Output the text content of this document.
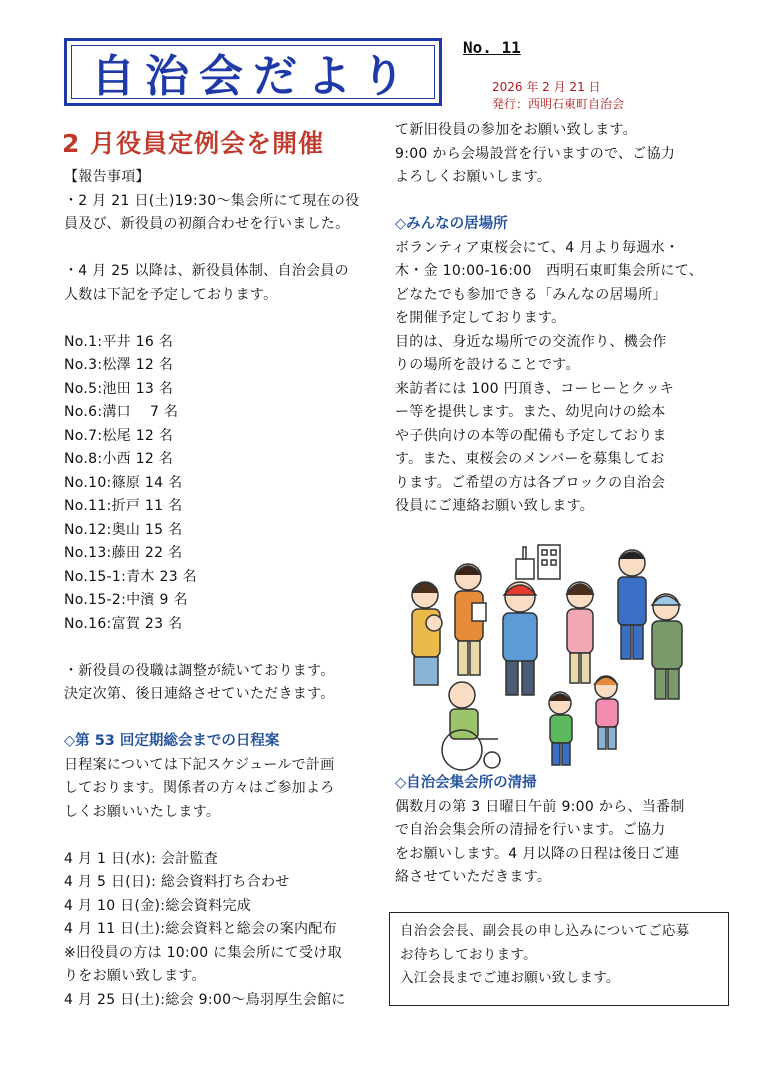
自治会だより
No. 11
2026 年 2 月 21 日
発行：西明石東町自治会
2 月役員定例会を開催
【報告事項】
・2 月 21 日(土)19:30～集会所にて現在の役
員及び、新役員の初顔合わせを行いました。

・4 月 25 以降は、新役員体制、自治会員の
人数は下記を予定しております。

No.1:平井 16 名
No.3:松澤 12 名
No.5:池田 13 名
No.6:溝口　 7 名
No.7:松尾 12 名
No.8:小西 12 名
No.10:篠原 14 名
No.11:折戸 11 名
No.12:奥山 15 名
No.13:藤田 22 名
No.15-1:青木 23 名
No.15-2:中濱 9 名
No.16:富賀 23 名

・新役員の役職は調整が続いております。
決定次第、後日連絡させていただきます。

◇第 53 回定期総会までの日程案
日程案については下記スケジュールで計画
しております。関係者の方々はご参加よろ
しくお願いいたします。

4 月 1 日(水): 会計監査
4 月 5 日(日): 総会資料打ち合わせ
4 月 10 日(金):総会資料完成
4 月 11 日(土):総会資料と総会の案内配布
※旧役員の方は 10:00 に集会所にて受け取
りをお願い致します。
4 月 25 日(土):総会 9:00～鳥羽厚生会館に
て新旧役員の参加をお願い致します。
9:00 から会場設営を行いますので、ご協力
よろしくお願いします。

◇みんなの居場所
ボランティア東桜会にて、4 月より毎週水・
木・金 10:00-16:00　西明石東町集会所にて、
どなたでも参加できる「みんなの居場所」
を開催予定しております。
目的は、身近な場所での交流作り、機会作
りの場所を設けることです。
来訪者には 100 円頂き、コーヒーとクッキ
ー等を提供します。また、幼児向けの絵本
や子供向けの本等の配備も予定しておりま
す。また、東桜会のメンバーを募集してお
ります。ご希望の方は各ブロックの自治会
役員にご連絡お願い致します。
◇自治会集会所の清掃
偶数月の第 3 日曜日午前 9:00 から、当番制
で自治会集会所の清掃を行います。ご協力
をお願いします。4 月以降の日程は後日ご連
絡させていただきます。
自治会会長、副会長の申し込みについてご応募
お待ちしております。
入江会長までご連お願い致します。
